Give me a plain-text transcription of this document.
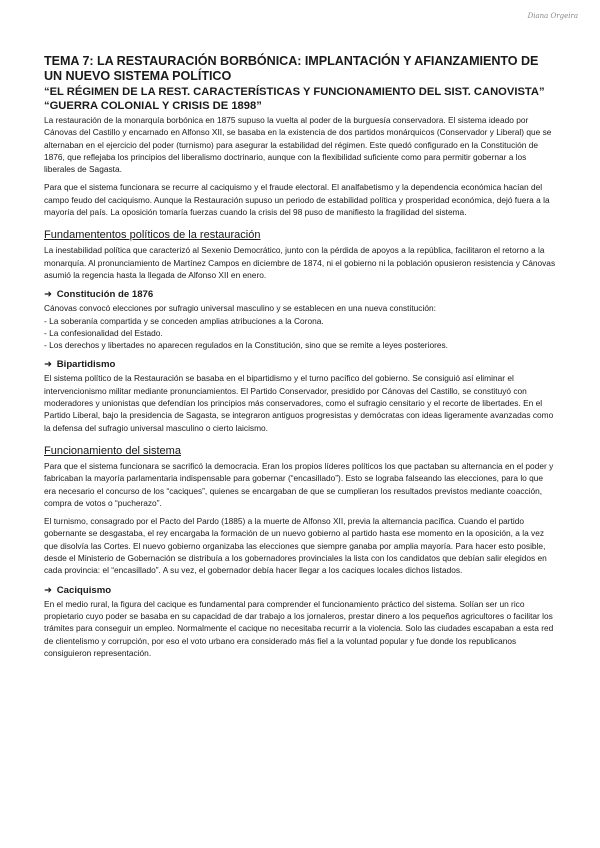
Diana Orgeira
TEMA 7: LA RESTAURACIÓN BORBÓNICA: IMPLANTACIÓN Y AFIANZAMIENTO DE UN NUEVO SISTEMA POLÍTICO
“EL RÉGIMEN DE LA REST. CARACTERÍSTICAS Y FUNCIONAMIENTO DEL SIST. CANOVISTA” “GUERRA COLONIAL Y CRISIS DE 1898”

La restauración de la monarquía borbónica en 1875 supuso la vuelta al poder de la burguesía conservadora. El sistema ideado por Cánovas del Castillo y encarnado en Alfonso XII, se basaba en la existencia de dos partidos monárquicos (Conservador y Liberal) que se alternaban en el ejercicio del poder (turnismo) para asegurar la estabilidad del régimen. Este quedó configurado en la Constitución de 1876, que reflejaba los principios del liberalismo doctrinario, aunque con la flexibilidad suficiente como para permitir gobernar a los liberales de Sagasta.

Para que el sistema funcionara se recurre al caciquismo y el fraude electoral. El analfabetismo y la dependencia económica hacían del campo feudo del caciquismo. Aunque la Restauración supuso un periodo de estabilidad política y prosperidad económica, dejó fuera a la mayoría del país. La oposición tomaría fuerzas cuando la crisis del 98 puso de manifiesto la fragilidad del sistema.

Fundamententos políticos de la restauración

La inestabilidad política que caracterizó al Sexenio Democrático, junto con la pérdida de apoyos a la república, facilitaron el retorno a la monarquía. Al pronunciamiento de Martínez Campos en diciembre de 1874, ni el gobierno ni la población opusieron resistencia y Cánovas asumió la regencia hasta la llegada de Alfonso XII en enero.

➜ Constitución de 1876

Cánovas convocó elecciones por sufragio universal masculino y se establecen en una nueva constitución:

- La soberanía compartida y se conceden amplias atribuciones a la Corona.
- La confesionalidad del Estado.
- Los derechos y libertades no aparecen regulados en la Constitución, sino que se remite a leyes posteriores.
➜ Bipartidismo

El sistema político de la Restauración se basaba en el bipartidismo y el turno pacífico del gobierno. Se consiguió así eliminar el intervencionismo militar mediante pronunciamientos. El Partido Conservador, presidido por Cánovas del Castillo, se constituyó con moderadores y unionistas que defendían los principios más conservadores, como el sufragio censitario y el recorte de libertades. En el Partido Liberal, bajo la presidencia de Sagasta, se integraron antiguos progresistas y demócratas con ideas ligeramente avanzadas como la defensa del sufragio universal masculino o cierto laicismo.

Funcionamiento del sistema

Para que el sistema funcionara se sacrificó la democracia. Eran los propios líderes políticos los que pactaban su alternancia en el poder y fabricaban la mayoría parlamentaria indispensable para gobernar (“encasillado”). Esto se lograba falseando las elecciones, para lo que era necesario el concurso de los “caciques”, quienes se encargaban de que se cumplieran los resultados previstos mediante coacción, compra de votos o “pucherazo”.

El turnismo, consagrado por el Pacto del Pardo (1885) a la muerte de Alfonso XII, previa la alternancia pacífica. Cuando el partido gobernante se desgastaba, el rey encargaba la formación de un nuevo gobierno al partido hasta ese momento en la oposición, a la vez que disolvía las Cortes. El nuevo gobierno organizaba las elecciones que siempre ganaba por amplia mayoría. Para hacer esto posible, desde el Ministerio de Gobernación se distribuía a los gobernadores provinciales la lista con los candidatos que debían salir elegidos en cada provincia: el “encasillado”. A su vez, el gobernador debía hacer llegar a los caciques locales dichos listados.

➜ Caciquismo

En el medio rural, la figura del cacique es fundamental para comprender el funcionamiento práctico del sistema. Solían ser un rico propietario cuyo poder se basaba en su capacidad de dar trabajo a los jornaleros, prestar dinero a los pequeños agricultores o facilitar los trámites para conseguir un empleo. Normalmente el cacique no necesitaba recurrir a la violencia. Solo las ciudades escapaban a esta red de clientelismo y corrupción, por eso el voto urbano era considerado más fiel a la voluntad popular y fue donde los republicanos consiguieron representación.
